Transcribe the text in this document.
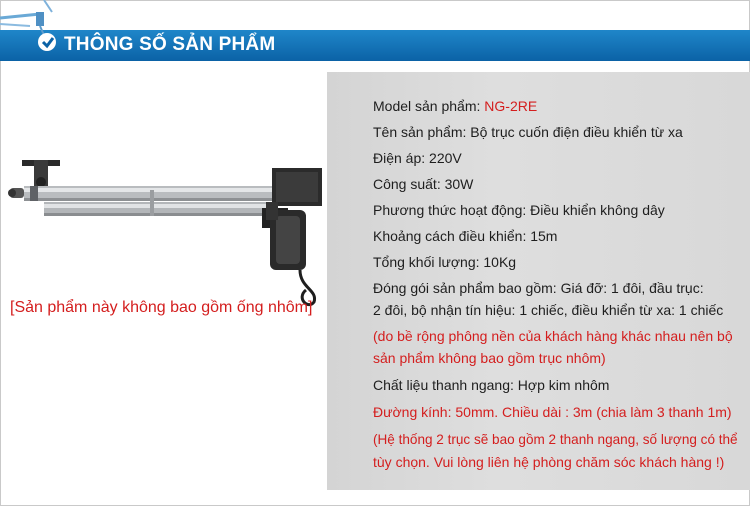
THÔNG SỐ SẢN PHẨM
[Sản phẩm này không bao gồm ống nhôm]
Model sản phẩm: NG-2RE
Tên sản phẩm: Bộ trục cuốn điện điều khiển từ xa
Điện áp: 220V
Công suất: 30W
Phương thức hoạt động: Điều khiển không dây
Khoảng cách điều khiển: 15m
Tổng khối lượng: 10Kg
Đóng gói sản phẩm bao gồm: Giá đỡ: 1 đôi, đầu trục:
2 đôi, bộ nhận tín hiệu: 1 chiếc, điều khiển từ xa: 1 chiếc
(do bề rộng phông nền của khách hàng khác nhau nên bộ
sản phẩm không bao gồm trục nhôm)
Chất liệu thanh ngang: Hợp kim nhôm
Đường kính: 50mm. Chiều dài : 3m (chia làm 3 thanh 1m)
(Hệ thống 2 trục sẽ bao gồm 2 thanh ngang, số lượng có thể
tùy chọn. Vui lòng liên hệ phòng chăm sóc khách hàng !)
